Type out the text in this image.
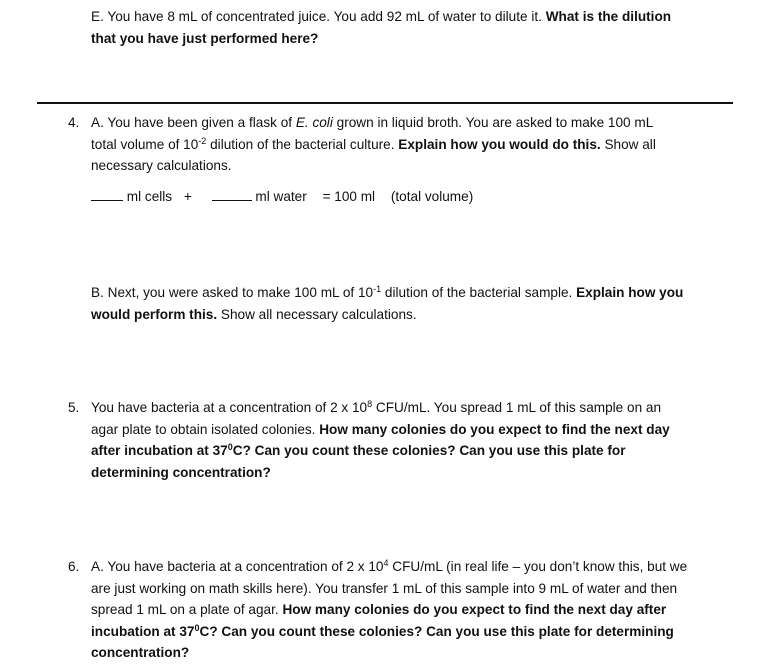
E. You have 8 mL of concentrated juice. You add 92 mL of water to dilute it. What is the dilution that you have just performed here?
4. A. You have been given a flask of E. coli grown in liquid broth. You are asked to make 100 mL total volume of $10^{-2}$ dilution of the bacterial culture. Explain how you would do this. Show all necessary calculations.
ml cells +	ml water = 100 ml (total volume)
B. Next, you were asked to make 100 mL of $10^{-1}$ dilution of the bacterial sample. Explain how you would perform this. Show all necessary calculations.
5. You have bacteria at a concentration of 2 x $10^8$ CFU/mL. You spread 1 mL of this sample on an agar plate to obtain isolated colonies. How many colonies do you expect to find the next day after incubation at $37^0C$? Can you count these colonies? Can you use this plate for determining concentration?
6. A. You have bacteria at a concentration of 2 x $10^4$ CFU/mL (in real life – you don’t know this, but we are just working on math skills here). You transfer 1 mL of this sample into 9 mL of water and then spread 1 mL on a plate of agar. How many colonies do you expect to find the next day after incubation at $37^0C$? Can you count these colonies? Can you use this plate for determining concentration?
